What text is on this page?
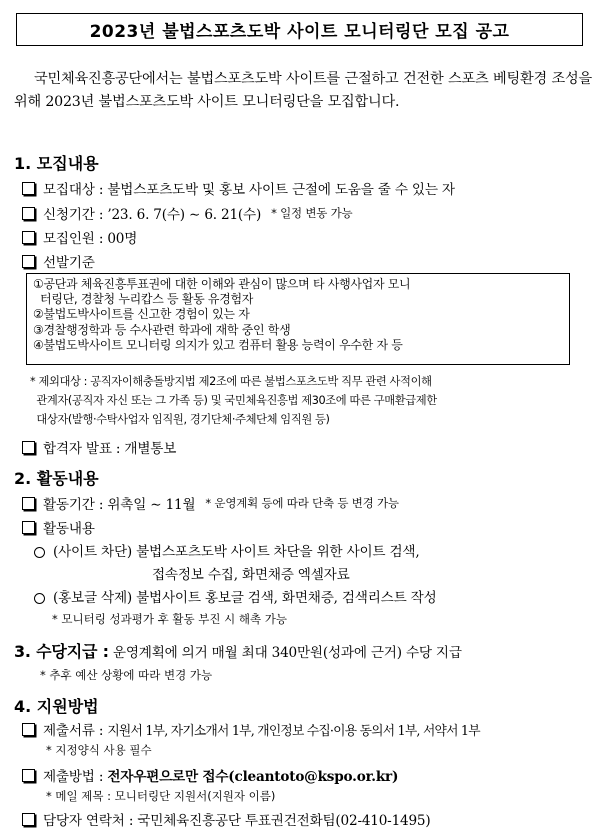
2023년 불법스포츠도박 사이트 모니터링단 모집 공고
국민체육진흥공단에서는 불법스포츠도박 사이트를 근절하고 건전한 스포츠 베팅환경 조성을 위해 2023년 불법스포츠도박 사이트 모니터링단을 모집합니다.
1. 모집내용
모집대상 :
불법스포츠도박 및 홍보 사이트 근절에 도움을 줄 수 있는 자
신청기간 :
’23. 6. 7(수) ∼ 6. 21(수) * 일정 변동 가능
모집인원 :
00명
선발기준
①공단과 체육진흥투표권에 대한 이해와 관심이 많으며 타 사행사업자 모니
터링단, 경찰청 누리캅스 등 활동 유경험자
②불법도박사이트를 신고한 경험이 있는 자
③경찰행정학과 등 수사관련 학과에 재학 중인 학생
④불법도박사이트 모니터링 의지가 있고 컴퓨터 활용 능력이 우수한 자 등
* 제외대상 : 공직자이해충돌방지법 제2조에 따른 불법스포츠도박 직무 관련 사적이해
관계자(공직자 자신 또는 그 가족 등) 및 국민체육진흥법 제30조에 따른 구매환급제한
대상자(발행·수탁사업자 임직원, 경기단체·주체단체 임직원 등)
합격자 발표 :
개별통보
2. 활동내용
활동기간 :
위촉일 ∼ 11월 * 운영계획 등에 따라 단축 등 변경 가능
활동내용
(사이트 차단) 불법스포츠도박 사이트 차단을 위한 사이트 검색,
접속정보 수집, 화면채증 엑셀자료
(홍보글 삭제) 불법사이트 홍보글 검색, 화면채증, 검색리스트 작성
* 모니터링 성과평가 후 활동 부진 시 해촉 가능
3. 수당지급 : 운영계획에 의거 매월 최대 340만원(성과에 근거) 수당 지급
* 추후 예산 상황에 따라 변경 가능
4. 지원방법
제출서류 :
지원서 1부, 자기소개서 1부, 개인정보 수집·이용 동의서 1부, 서약서 1부
* 지정양식 사용 필수
제출방법 :
전자우편으로만 접수(cleantoto@kspo.or.kr)
* 메일 제목 : 모니터링단 지원서(지원자 이름)
담당자 연락처 :
국민체육진흥공단 투표권건전화팀(02-410-1495)
